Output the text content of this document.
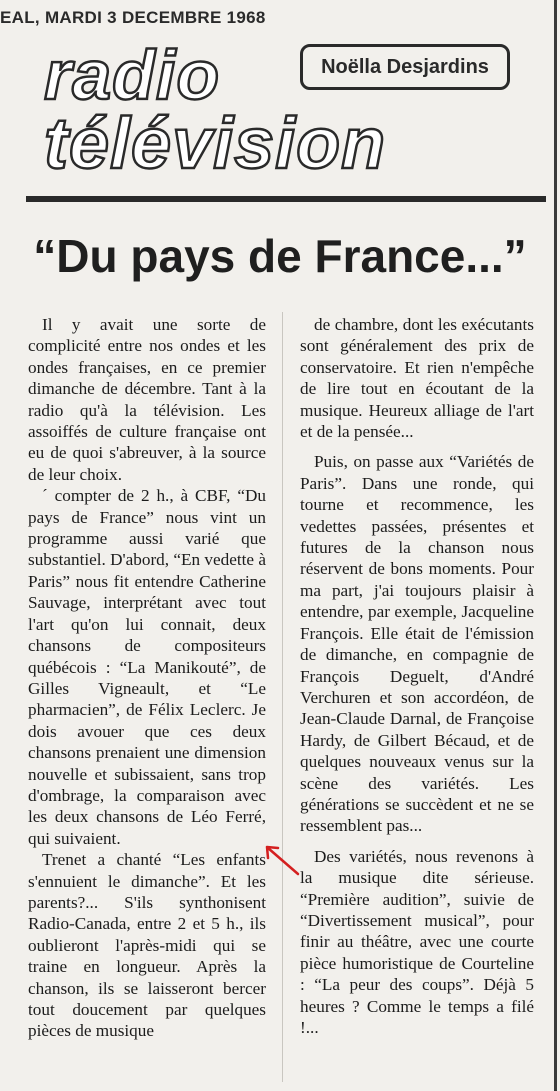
EAL, MARDI 3 DECEMBRE 1968
radio	Noëlla Desjardins
télévision
“Du pays de France...”

Il y avait une sorte de complicité entre nos ondes et les ondes françaises, en ce premier dimanche de décembre. Tant à la radio qu'à la télévision. Les assoiffés de culture française ont eu de quoi s'abreuver, à la source de leur choix.

´ compter de 2 h., à CBF, “Du pays de France” nous vint un programme aussi varié que substantiel. D'abord, “En vedette à Paris” nous fit entendre Catherine Sauvage, interprétant avec tout l'art qu'on lui connait, deux chansons de compositeurs québécois : “La Manikouté”, de Gilles Vigneault, et “Le pharmacien”, de Félix Leclerc. Je dois avouer que ces deux chansons prenaient une dimension nouvelle et subissaient, sans trop d'ombrage, la comparaison avec les deux chansons de Léo Ferré, qui suivaient.

Trenet a chanté “Les enfants s'ennuient le dimanche”. Et les parents?... S'ils synthonisent Radio-Canada, entre 2 et 5 h., ils oublieront l'après-midi qui se traine en longueur. Après la chanson, ils se laisseront bercer tout doucement par quelques pièces de musique

de chambre, dont les exécutants sont généralement des prix de conservatoire. Et rien n'empêche de lire tout en écoutant de la musique. Heureux alliage de l'art et de la pensée...

Puis, on passe aux “Variétés de Paris”. Dans une ronde, qui tourne et recommence, les vedettes passées, présentes et futures de la chanson nous réservent de bons moments. Pour ma part, j'ai toujours plaisir à entendre, par exemple, Jacqueline François. Elle était de l'émission de dimanche, en compagnie de François Deguelt, d'André Verchuren et son accordéon, de Jean-Claude Darnal, de Françoise Hardy, de Gilbert Bécaud, et de quelques nouveaux venus sur la scène des variétés. Les générations se succèdent et ne se ressemblent pas...

Des variétés, nous revenons à la musique dite sérieuse. “Première audition”, suivie de “Divertissement musical”, pour finir au théâtre, avec une courte pièce humoristique de Courteline : “La peur des coups”. Déjà 5 heures ? Comme le temps a filé !...
